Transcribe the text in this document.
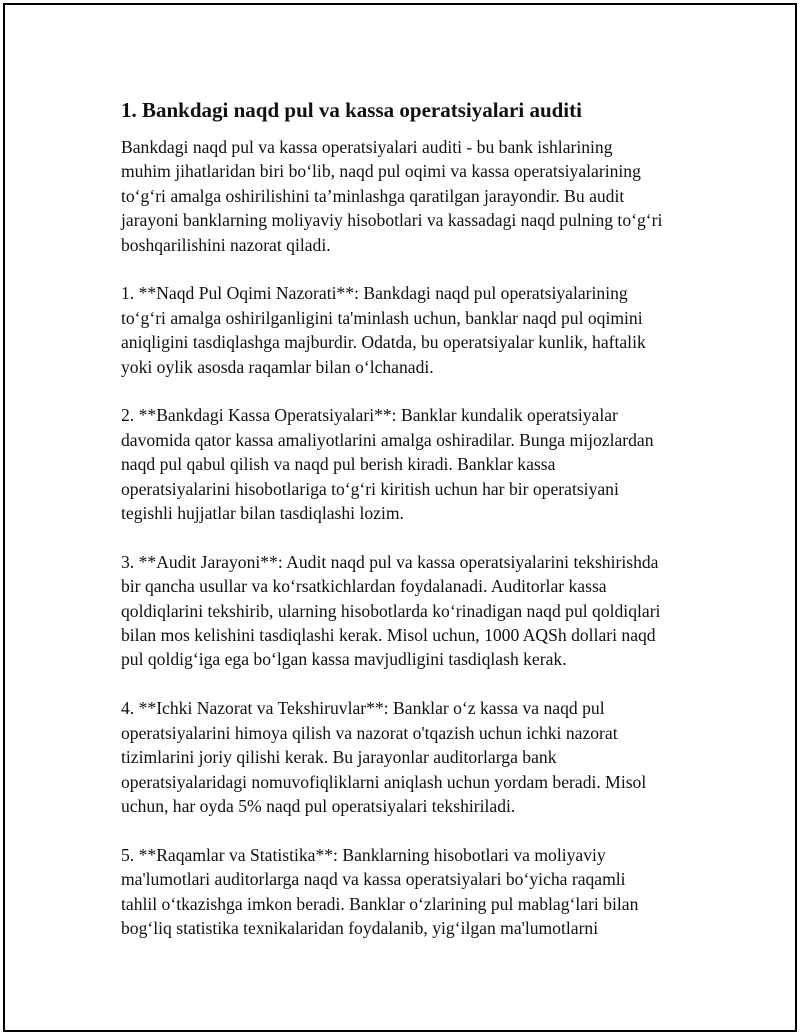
1. Bankdagi naqd pul va kassa operatsiyalari auditi
Bankdagi naqd pul va kassa operatsiyalari auditi - bu bank ishlarining
muhim jihatlaridan biri bo‘lib, naqd pul oqimi va kassa operatsiyalarining
to‘g‘ri amalga oshirilishini ta’minlashga qaratilgan jarayondir. Bu audit
jarayoni banklarning moliyaviy hisobotlari va kassadagi naqd pulning to‘g‘ri
boshqarilishini nazorat qiladi.
1. **Naqd Pul Oqimi Nazorati**: Bankdagi naqd pul operatsiyalarining
to‘g‘ri amalga oshirilganligini ta'minlash uchun, banklar naqd pul oqimini
aniqligini tasdiqlashga majburdir. Odatda, bu operatsiyalar kunlik, haftalik
yoki oylik asosda raqamlar bilan o‘lchanadi.
2. **Bankdagi Kassa Operatsiyalari**: Banklar kundalik operatsiyalar
davomida qator kassa amaliyotlarini amalga oshiradilar. Bunga mijozlardan
naqd pul qabul qilish va naqd pul berish kiradi. Banklar kassa
operatsiyalarini hisobotlariga to‘g‘ri kiritish uchun har bir operatsiyani
tegishli hujjatlar bilan tasdiqlashi lozim.
3. **Audit Jarayoni**: Audit naqd pul va kassa operatsiyalarini tekshirishda
bir qancha usullar va ko‘rsatkichlardan foydalanadi. Auditorlar kassa
qoldiqlarini tekshirib, ularning hisobotlarda ko‘rinadigan naqd pul qoldiqlari
bilan mos kelishini tasdiqlashi kerak. Misol uchun, 1000 AQSh dollari naqd
pul qoldig‘iga ega bo‘lgan kassa mavjudligini tasdiqlash kerak.
4. **Ichki Nazorat va Tekshiruvlar**: Banklar o‘z kassa va naqd pul
operatsiyalarini himoya qilish va nazorat o'tqazish uchun ichki nazorat
tizimlarini joriy qilishi kerak. Bu jarayonlar auditorlarga bank
operatsiyalaridagi nomuvofiqliklarni aniqlash uchun yordam beradi. Misol
uchun, har oyda 5% naqd pul operatsiyalari tekshiriladi.
5. **Raqamlar va Statistika**: Banklarning hisobotlari va moliyaviy
ma'lumotlari auditorlarga naqd va kassa operatsiyalari bo‘yicha raqamli
tahlil o‘tkazishga imkon beradi. Banklar o‘zlarining pul mablag‘lari bilan
bog‘liq statistika texnikalaridan foydalanib, yig‘ilgan ma'lumotlarni
